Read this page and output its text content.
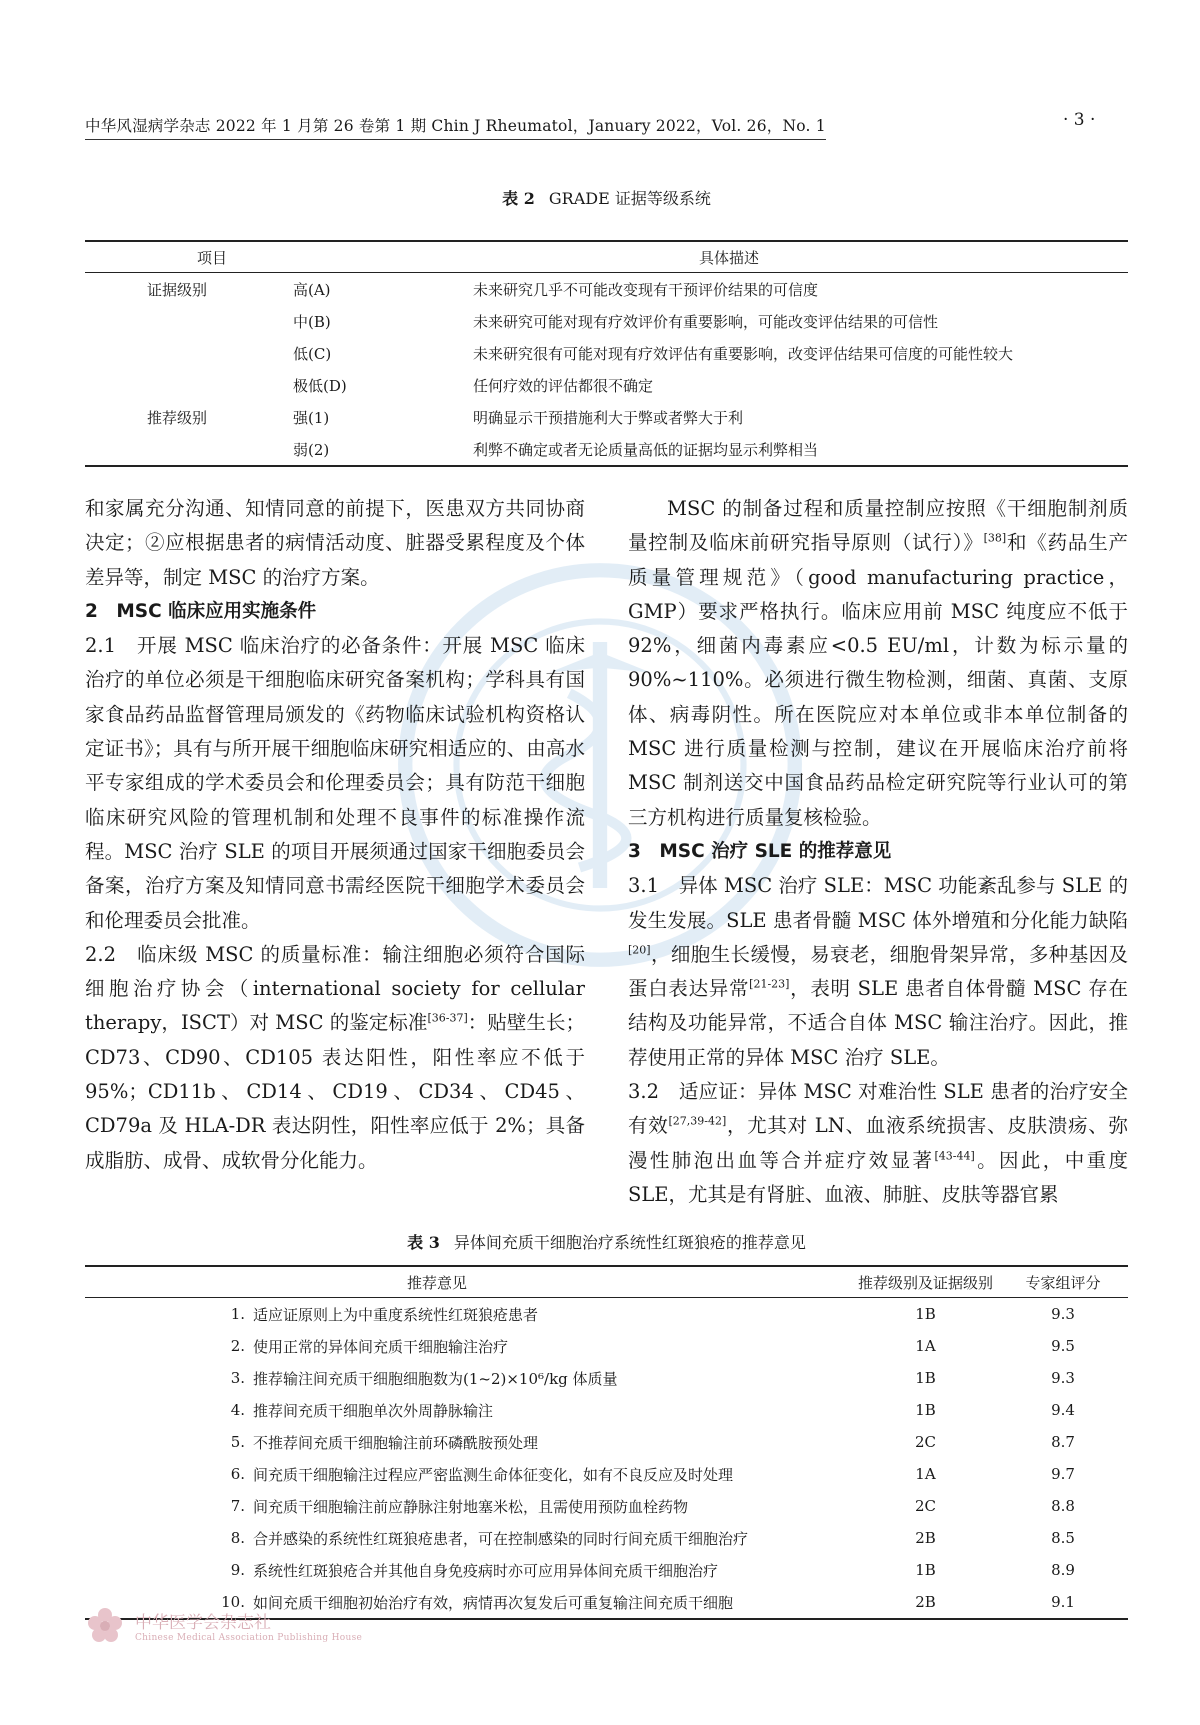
中华风湿病学杂志 2022 年 1 月第 26 卷第 1 期 Chin J Rheumatol，January 2022，Vol. 26，No. 1	· 3 ·
表 2 GRADE 证据等级系统
项目		具体描述
证据级别	高(A)	未来研究几乎不可能改变现有干预评价结果的可信度
	中(B)	未来研究可能对现有疗效评价有重要影响，可能改变评估结果的可信性
	低(C)	未来研究很有可能对现有疗效评估有重要影响，改变评估结果可信度的可能性较大
	极低(D)	任何疗效的评估都很不确定
推荐级别	强(1)	明确显示干预措施利大于弊或者弊大于利
	弱(2)	利弊不确定或者无论质量高低的证据均显示利弊相当

和家属充分沟通、知情同意的前提下，医患双方共同协商决定；②应根据患者的病情活动度、脏器受累程度及个体差异等，制定 MSC 的治疗方案。

2　MSC 临床应用实施条件

2.1　开展 MSC 临床治疗的必备条件：开展 MSC 临床治疗的单位必须是干细胞临床研究备案机构；学科具有国家食品药品监督管理局颁发的《药物临床试验机构资格认定证书》；具有与所开展干细胞临床研究相适应的、由高水平专家组成的学术委员会和伦理委员会；具有防范干细胞临床研究风险的管理机制和处理不良事件的标准操作流程。MSC 治疗 SLE 的项目开展须通过国家干细胞委员会备案，治疗方案及知情同意书需经医院干细胞学术委员会和伦理委员会批准。

2.2　临床级 MSC 的质量标准：输注细胞必须符合国际细胞治疗协会（international society for cellular therapy，ISCT）对 MSC 的鉴定标准[36-37]：贴壁生长；CD73、CD90、CD105 表达阳性，阳性率应不低于95%；CD11b、CD14、CD19、CD34、CD45、CD79a 及 HLA-DR 表达阴性，阳性率应低于 2%；具备成脂肪、成骨、成软骨分化能力。

MSC 的制备过程和质量控制应按照《干细胞制剂质量控制及临床前研究指导原则（试行）》[38]和《药品生产质量管理规范》（good manufacturing practice，GMP）要求严格执行。临床应用前 MSC 纯度应不低于 92%，细菌内毒素应<0.5 EU/ml，计数为标示量的 90%~110%。必须进行微生物检测，细菌、真菌、支原体、病毒阴性。所在医院应对本单位或非本单位制备的 MSC 进行质量检测与控制，建议在开展临床治疗前将 MSC 制剂送交中国食品药品检定研究院等行业认可的第三方机构进行质量复核检验。

3　MSC 治疗 SLE 的推荐意见

3.1　异体 MSC 治疗 SLE：MSC 功能紊乱参与 SLE 的发生发展。SLE 患者骨髓 MSC 体外增殖和分化能力缺陷[20]，细胞生长缓慢，易衰老，细胞骨架异常，多种基因及蛋白表达异常[21-23]，表明 SLE 患者自体骨髓 MSC 存在结构及功能异常，不适合自体 MSC 输注治疗。因此，推荐使用正常的异体 MSC 治疗 SLE。

3.2　适应证：异体 MSC 对难治性 SLE 患者的治疗安全有效[27,39-42]，尤其对 LN、血液系统损害、皮肤溃疡、弥漫性肺泡出血等合并症疗效显著[43-44]。因此，中重度 SLE，尤其是有肾脏、血液、肺脏、皮肤等器官累

表 3 异体间充质干细胞治疗系统性红斑狼疮的推荐意见
推荐意见		推荐级别及证据级别	专家组评分
1.	适应证原则上为中重度系统性红斑狼疮患者	1B	9.3
2.	使用正常的异体间充质干细胞输注治疗	1A	9.5
3.	推荐输注间充质干细胞细胞数为(1~2)×10⁶/kg 体质量	1B	9.3
4.	推荐间充质干细胞单次外周静脉输注	1B	9.4
5.	不推荐间充质干细胞输注前环磷酰胺预处理	2C	8.7
6.	间充质干细胞输注过程应严密监测生命体征变化，如有不良反应及时处理	1A	9.7
7.	间充质干细胞输注前应静脉注射地塞米松，且需使用预防血栓药物	2C	8.8
8.	合并感染的系统性红斑狼疮患者，可在控制感染的同时行间充质干细胞治疗	2B	8.5
9.	系统性红斑狼疮合并其他自身免疫病时亦可应用异体间充质干细胞治疗	1B	8.9
10.	如间充质干细胞初始治疗有效，病情再次复发后可重复输注间充质干细胞	2B	9.1
中华医学会杂志社
Chinese Medical Association Publishing House
